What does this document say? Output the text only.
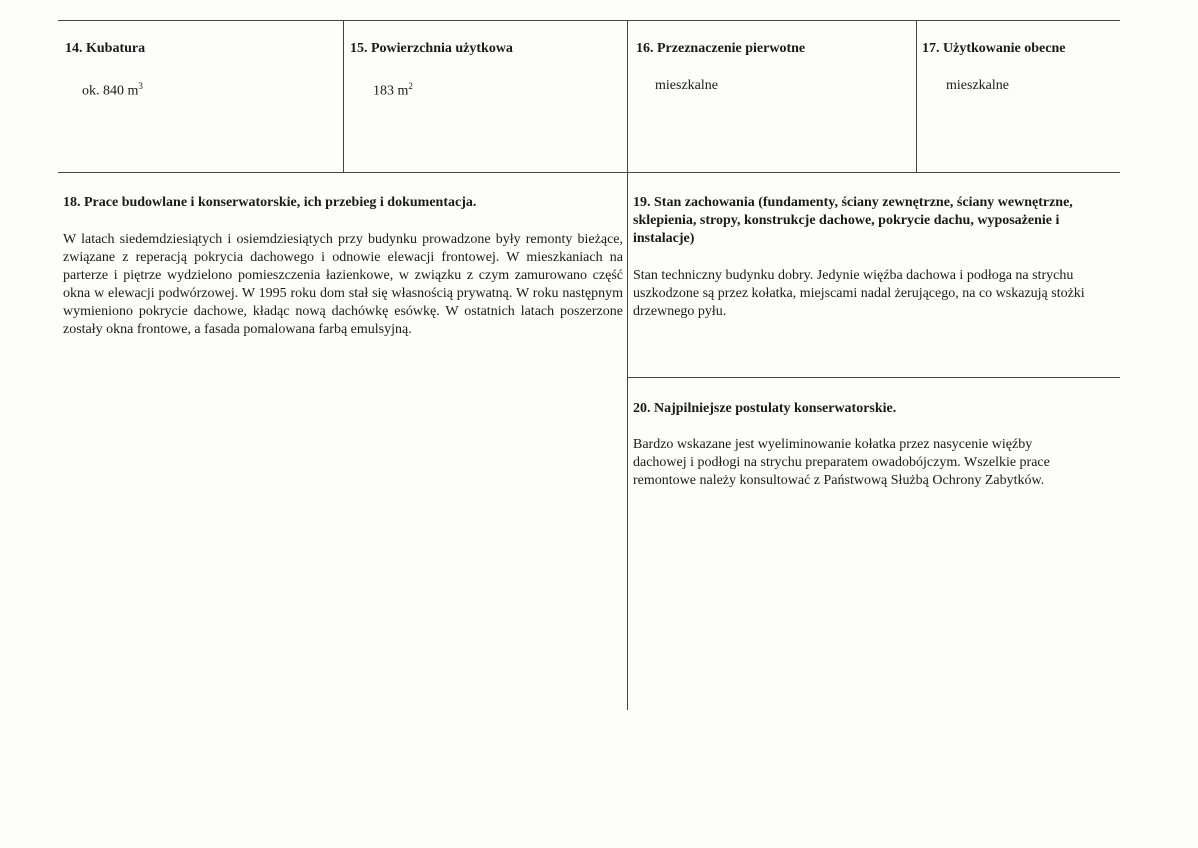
14. Kubatura
ok. 840 $m^3$
15. Powierzchnia użytkowa
183 $m^2$
16. Przeznaczenie pierwotne
mieszkalne
17. Użytkowanie obecne
mieszkalne
18. Prace budowlane i konserwatorskie, ich przebieg i dokumentacja.
W latach siedemdziesiątych i osiemdziesiątych przy budynku prowadzone były remonty bieżące, związane z reperacją pokrycia dachowego i odnowie elewacji frontowej. W mieszkaniach na parterze i piętrze wydzielono pomieszczenia łazienkowe, w związku z czym zamurowano część okna w elewacji podwórzowej. W 1995 roku dom stał się własnością prywatną. W roku następnym wymieniono pokrycie dachowe, kładąc nową dachówkę esówkę. W ostatnich latach poszerzone zostały okna frontowe, a fasada pomalowana farbą emulsyjną.
19. Stan zachowania (fundamenty, ściany zewnętrzne, ściany wewnętrzne, sklepienia, stropy, konstrukcje dachowe, pokrycie dachu, wyposażenie i instalacje)
Stan techniczny budynku dobry. Jedynie więźba dachowa i podłoga na strychu uszkodzone są przez kołatka, miejscami nadal żerującego, na co wskazują stożki drzewnego pyłu.
20. Najpilniejsze postulaty konserwatorskie.
Bardzo wskazane jest wyeliminowanie kołatka przez nasycenie więźby dachowej i podłogi na strychu preparatem owadobójczym. Wszelkie prace remontowe należy konsultować z Państwową Służbą Ochrony Zabytków.
